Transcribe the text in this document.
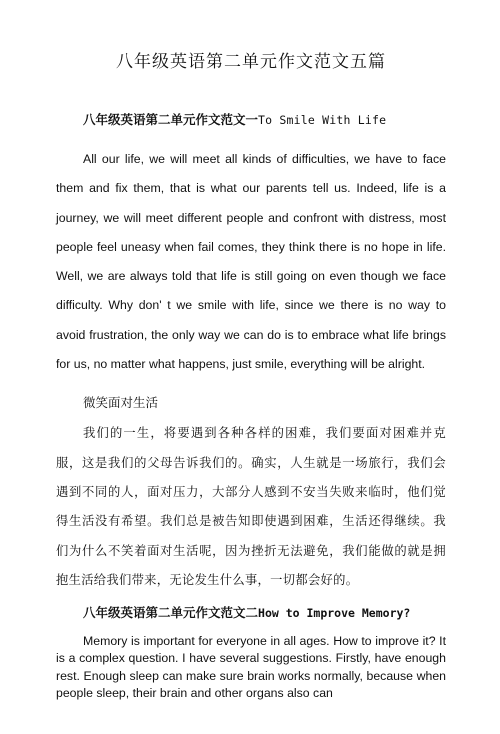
八年级英语第二单元作文范文五篇
八年级英语第二单元作文范文一To Smile With Life

All our life, we will meet all kinds of difficulties, we have to face them and fix them, that is what our parents tell us. Indeed, life is a journey, we will meet different people and confront with distress, most people feel uneasy when fail comes, they think there is no hope in life. Well, we are always told that life is still going on even though we face difficulty. Why don' t we smile with life, since we there is no way to avoid frustration, the only way we can do is to embrace what life brings for us, no matter what happens, just smile, everything will be alright.

微笑面对生活

我们的一生，将要遇到各种各样的困难，我们要面对困难并克服，这是我们的父母告诉我们的。确实，人生就是一场旅行，我们会遇到不同的人，面对压力，大部分人感到不安当失败来临时，他们觉得生活没有希望。我们总是被告知即使遇到困难，生活还得继续。我们为什么不笑着面对生活呢，因为挫折无法避免，我们能做的就是拥抱生活给我们带来，无论发生什么事，一切都会好的。

八年级英语第二单元作文范文二How to Improve Memory?

Memory is important for everyone in all ages. How to improve it? It is a complex question. I have several suggestions. Firstly, have enough rest. Enough sleep can make sure brain works normally, because when people sleep, their brain and other organs also can
